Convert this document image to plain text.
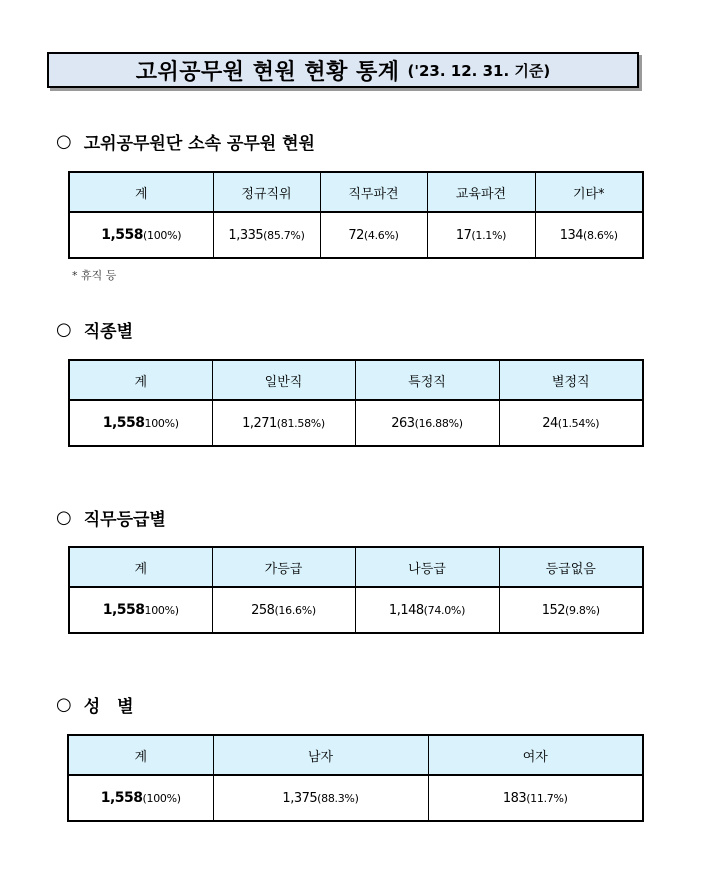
고위공무원 현원 현황 통계 ('23. 12. 31. 기준)
○ 고위공무원단 소속 공무원 현원
계	정규직위	직무파견	교육파견	기타*
1,558(100%)	1,335(85.7%)	72(4.6%)	17(1.1%)	134(8.6%)
* 휴직 등
○ 직종별
계	일반직	특정직	별정직
1,558100%)	1,271(81.58%)	263(16.88%)	24(1.54%)
○ 직무등급별
계	가등급	나등급	등급없음
1,558100%)	258(16.6%)	1,148(74.0%)	152(9.8%)
○ 성　별
계	남자	여자
1,558(100%)	1,375(88.3%)	183(11.7%)
